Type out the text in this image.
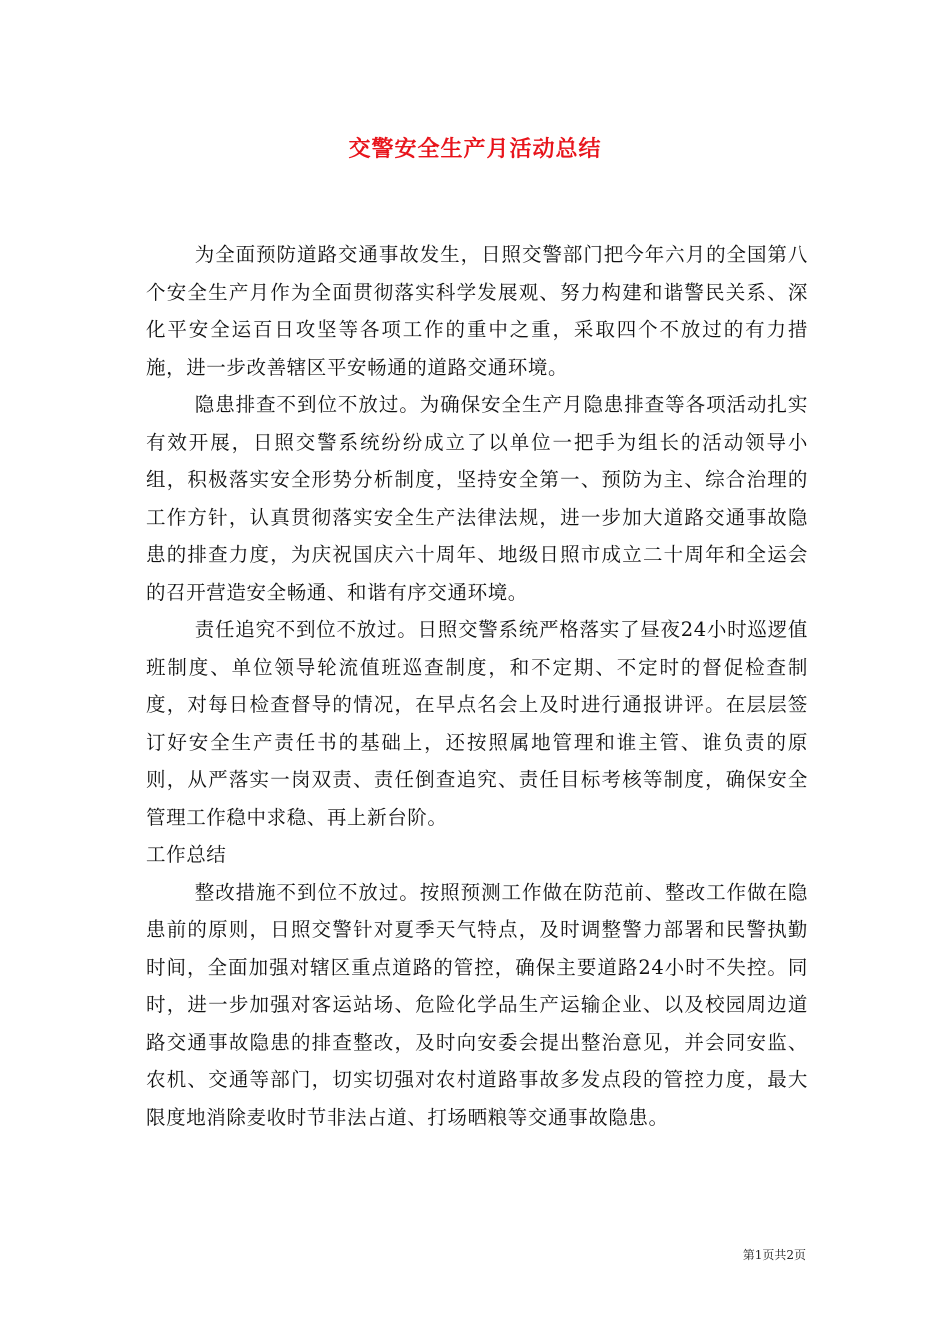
交警安全生产月活动总结

为全面预防道路交通事故发生，日照交警部门把今年六月的全国第八个安全生产月作为全面贯彻落实科学发展观、努力构建和谐警民关系、深化平安全运百日攻坚等各项工作的重中之重，采取四个不放过的有力措施，进一步改善辖区平安畅通的道路交通环境。

隐患排查不到位不放过。为确保安全生产月隐患排查等各项活动扎实有效开展，日照交警系统纷纷成立了以单位一把手为组长的活动领导小组，积极落实安全形势分析制度，坚持安全第一、预防为主、综合治理的工作方针，认真贯彻落实安全生产法律法规，进一步加大道路交通事故隐患的排查力度，为庆祝国庆六十周年、地级日照市成立二十周年和全运会的召开营造安全畅通、和谐有序交通环境。

责任追究不到位不放过。日照交警系统严格落实了昼夜24小时巡逻值班制度、单位领导轮流值班巡查制度，和不定期、不定时的督促检查制度，对每日检查督导的情况，在早点名会上及时进行通报讲评。在层层签订好安全生产责任书的基础上，还按照属地管理和谁主管、谁负责的原则，从严落实一岗双责、责任倒查追究、责任目标考核等制度，确保安全管理工作稳中求稳、再上新台阶。

工作总结

整改措施不到位不放过。按照预测工作做在防范前、整改工作做在隐患前的原则，日照交警针对夏季天气特点，及时调整警力部署和民警执勤时间，全面加强对辖区重点道路的管控，确保主要道路24小时不失控。同时，进一步加强对客运站场、危险化学品生产运输企业、以及校园周边道路交通事故隐患的排查整改，及时向安委会提出整治意见，并会同安监、农机、交通等部门，切实切强对农村道路事故多发点段的管控力度，最大限度地消除麦收时节非法占道、打场晒粮等交通事故隐患。

第1页共2页
